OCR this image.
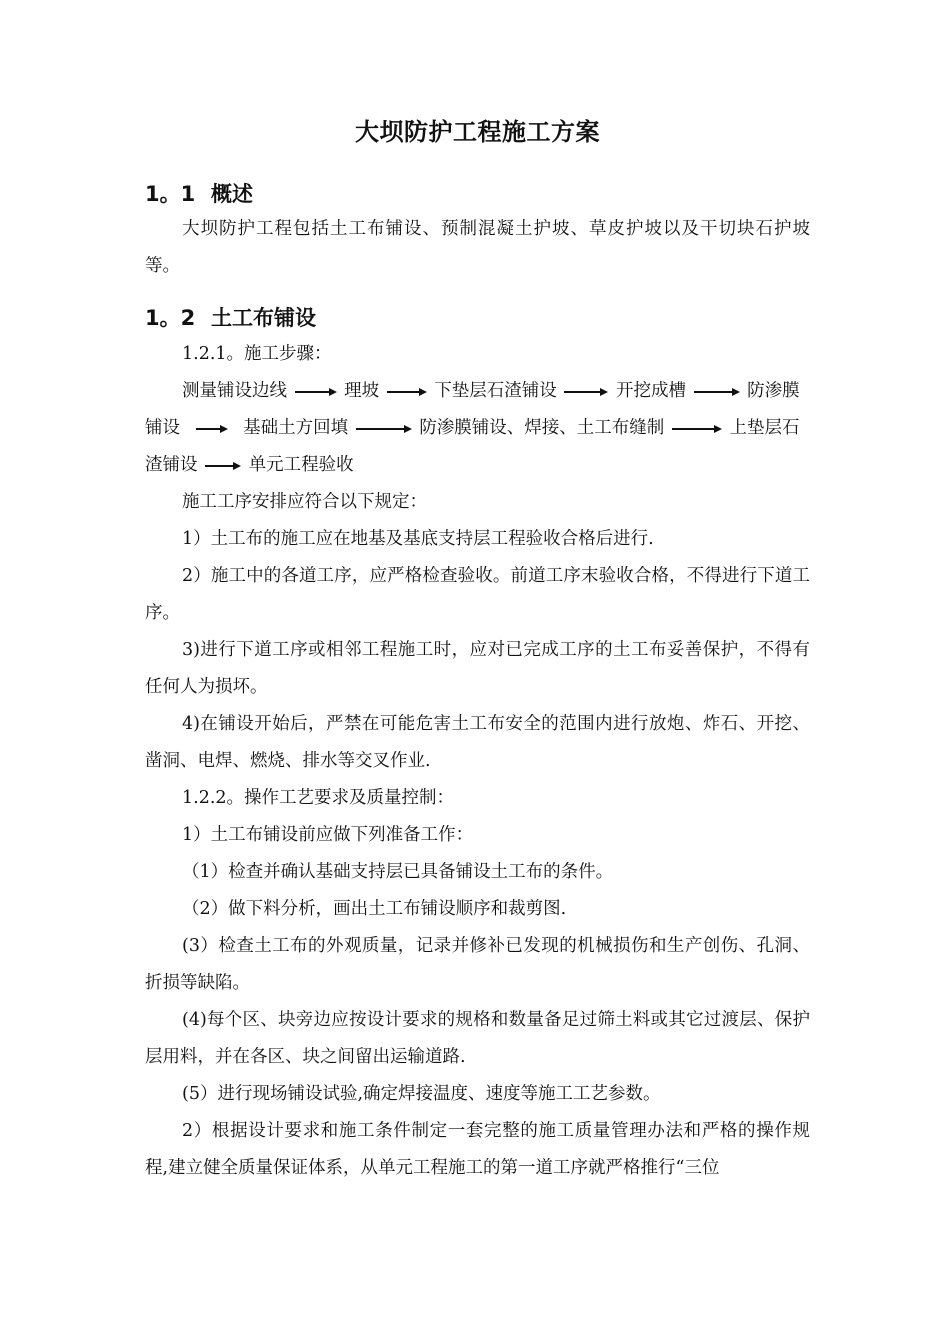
大坝防护工程施工方案
1。1 概述
大坝防护工程包括土工布铺设、预制混凝土护坡、草皮护坡以及干切块石护坡等。
1。2 土工布铺设
1.2.1。施工步骤：
测量铺设边线	理坡	下垫层石渣铺设	开挖成槽	防渗膜
铺设	基础土方回填	防渗膜铺设、焊接、土工布缝制	上垫层石
渣铺设	单元工程验收
施工工序安排应符合以下规定：
1）土工布的施工应在地基及基底支持层工程验收合格后进行.
2）施工中的各道工序，应严格检查验收。前道工序末验收合格，不得进行下道工序。
3)进行下道工序或相邻工程施工时，应对已完成工序的土工布妥善保护，不得有任何人为损坏。
4)在铺设开始后，严禁在可能危害土工布安全的范围内进行放炮、炸石、开挖、凿洞、电焊、燃烧、排水等交叉作业.
1.2.2。操作工艺要求及质量控制：
1）土工布铺设前应做下列准备工作：
（1）检查并确认基础支持层已具备铺设土工布的条件。
（2）做下料分析，画出土工布铺设顺序和裁剪图.
(3）检查土工布的外观质量，记录并修补已发现的机械损伤和生产创伤、孔洞、折损等缺陷。
(4)每个区、块旁边应按设计要求的规格和数量备足过筛土料或其它过渡层、保护层用料，并在各区、块之间留出运输道路.
(5）进行现场铺设试验,确定焊接温度、速度等施工工艺参数。
2）根据设计要求和施工条件制定一套完整的施工质量管理办法和严格的操作规程,建立健全质量保证体系，从单元工程施工的第一道工序就严格推行“三位
